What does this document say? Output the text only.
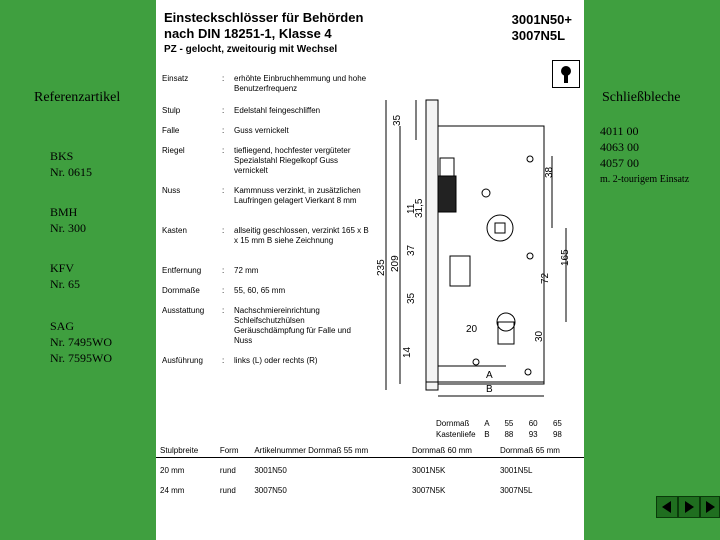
Referenzartikel
BKS
Nr. 0615
BMH
Nr. 300
KFV
Nr. 65
SAG
Nr. 7495WO
Nr. 7595WO
Schließbleche
4011 00
4063 00
4057 00
m. 2-tourigem Einsatz
Einsteckschlösser für Behörden
nach DIN 18251-1, Klasse 4
PZ - gelocht, zweitourig mit Wechsel
3001N50+
3007N5L
Einsatz	: erhöhte Einbruchhemmung und hohe Benutzerfrequenz
Stulp	: Edelstahl feingeschliffen
Falle	: Guss vernickelt
Riegel	: tiefliegend, hochfester vergüteter Spezialstahl Riegelkopf Guss vernickelt
Nuss	: Kammnuss verzinkt, in zusätzlichen Laufringen gelagert Vierkant 8 mm
Kasten	: allseitig geschlossen, verzinkt 165 x B x 15 mm B siehe Zeichnung
Entfernung	: 72 mm
Dornmaße	: 55, 60, 65 mm
Ausstattung	: Nachschmiereinrichtung Schleifschutzhülsen Geräuschdämpfung für Falle und Nuss
Ausführung	: links (L) oder rechts (R)
35
38
31,5
235 209
37
11
35
72
165
20
30
14
A
B
Dornmaß A 55 60 65
Kastenliefe B 88 93 98
Stulpbreite	Form	Artikelnummer Dornmaß 55 mm	Dornmaß 60 mm	Dornmaß 65 mm
20 mm	rund	3001N50	3001N5K	3001N5L
24 mm	rund	3007N50	3007N5K	3007N5L
